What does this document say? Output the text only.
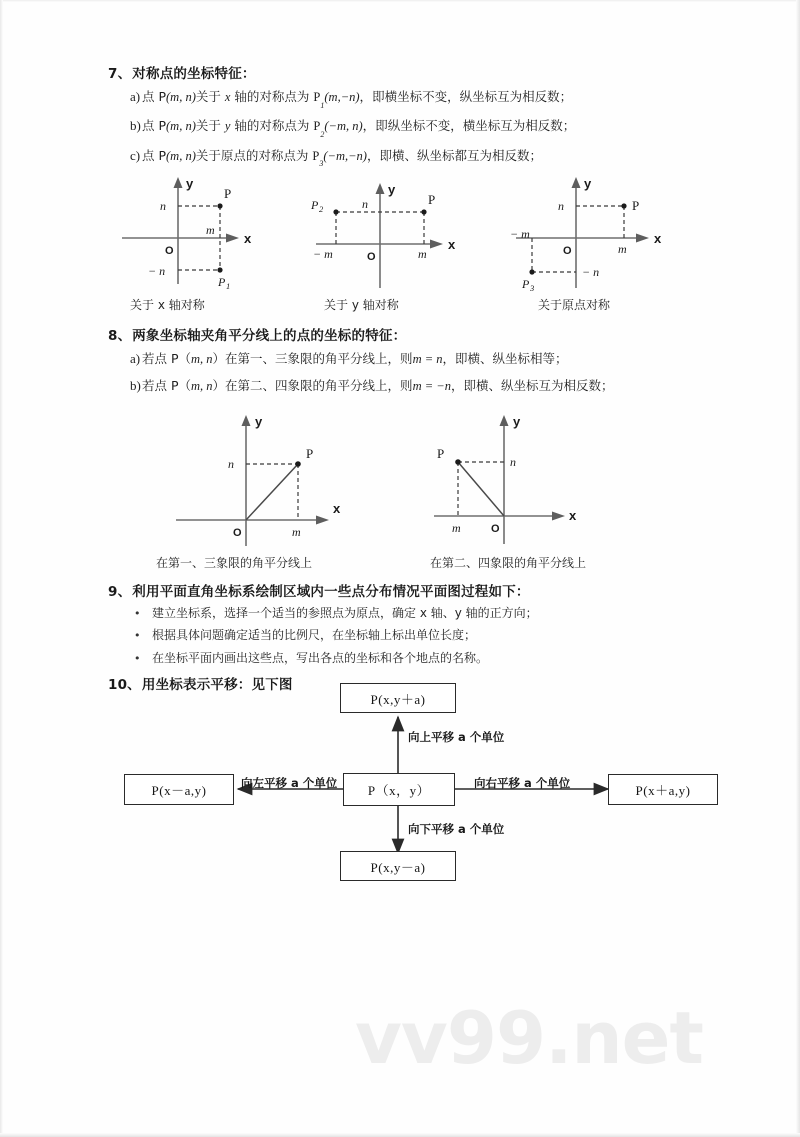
7、对称点的坐标特征：
a) 点 P(m, n)关于 x 轴的对称点为 $P_1(m,-n)$，即横坐标不变，纵坐标互为相反数；
b) 点 P(m, n)关于 y 轴的对称点为 $P_2(-m$, n)，即纵坐标不变，横坐标互为相反数；
c) 点 P(m, n)关于原点的对称点为 $P_3(-m,-n)$，即横、纵坐标都互为相反数；
y
x
O
n
− n
m
P
P 1
y
x
O
n
− m	m
P
P 2
y
x
O
n
− n
m
− m
P
P 3
关于 x 轴对称	关于 y 轴对称	关于原点对称
8、两象坐标轴夹角平分线上的点的坐标的特征：
a) 若点 P（m, n）在第一、三象限的角平分线上，则m = n，即横、纵坐标相等；
b) 若点 P（m, n）在第二、四象限的角平分线上，则m = −n，即横、纵坐标互为相反数；
y
x
O
n
m
P
y
x
O
n
m
P
在第一、三象限的角平分线上	在第二、四象限的角平分线上
9、利用平面直角坐标系绘制区域内一些点分布情况平面图过程如下：
• 建立坐标系，选择一个适当的参照点为原点，确定 x 轴、y 轴的正方向；
• 根据具体问题确定适当的比例尺，在坐标轴上标出单位长度；
• 在坐标平面内画出这些点，写出各点的坐标和各个地点的名称。
10、用坐标表示平移：见下图
P(x,y＋a)
P（x，y）
P(x,y－a)
P(x－a,y)	P(x＋a,y)
向上平移 a 个单位
向下平移 a 个单位
向左平移 a 个单位	向右平移 a 个单位
vv99.net
